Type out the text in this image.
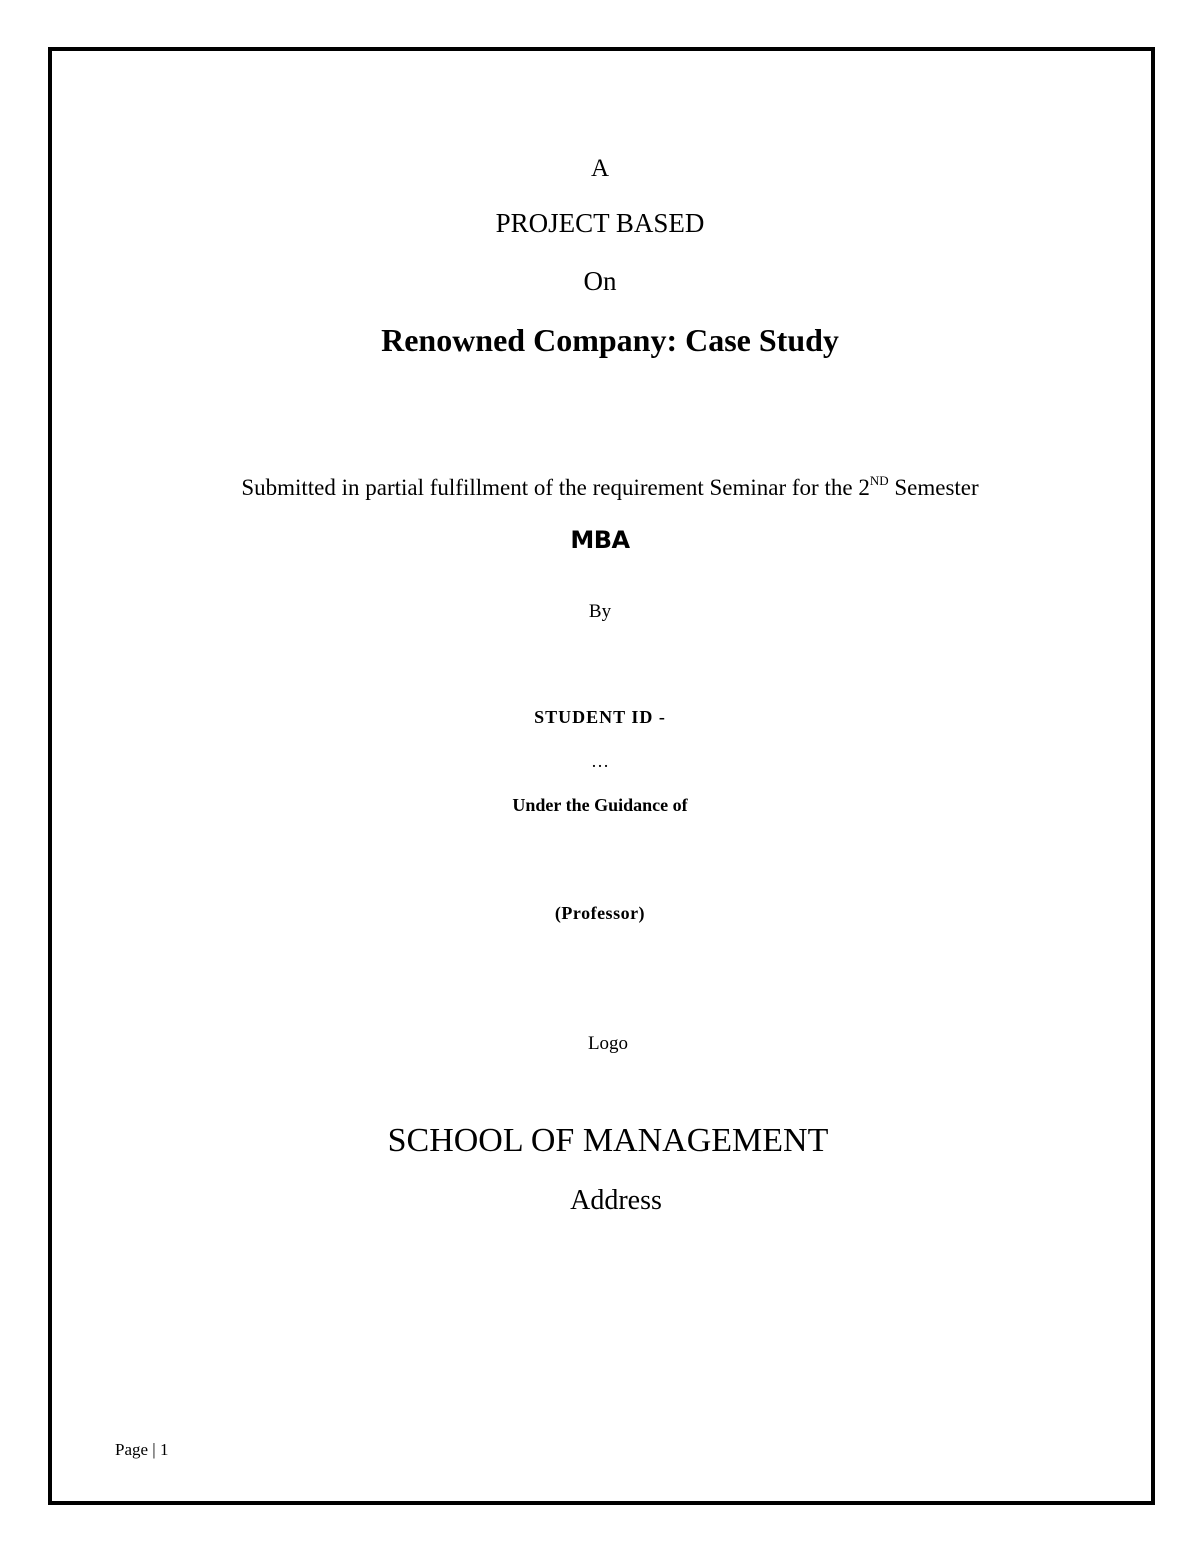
A
PROJECT BASED
On
Renowned Company: Case Study
Submitted in partial fulfillment of the requirement Seminar for the 2ND Semester
MBA
By
STUDENT ID -
…
Under the Guidance of
(Professor)
Logo
SCHOOL OF MANAGEMENT
Address
Page | 1
